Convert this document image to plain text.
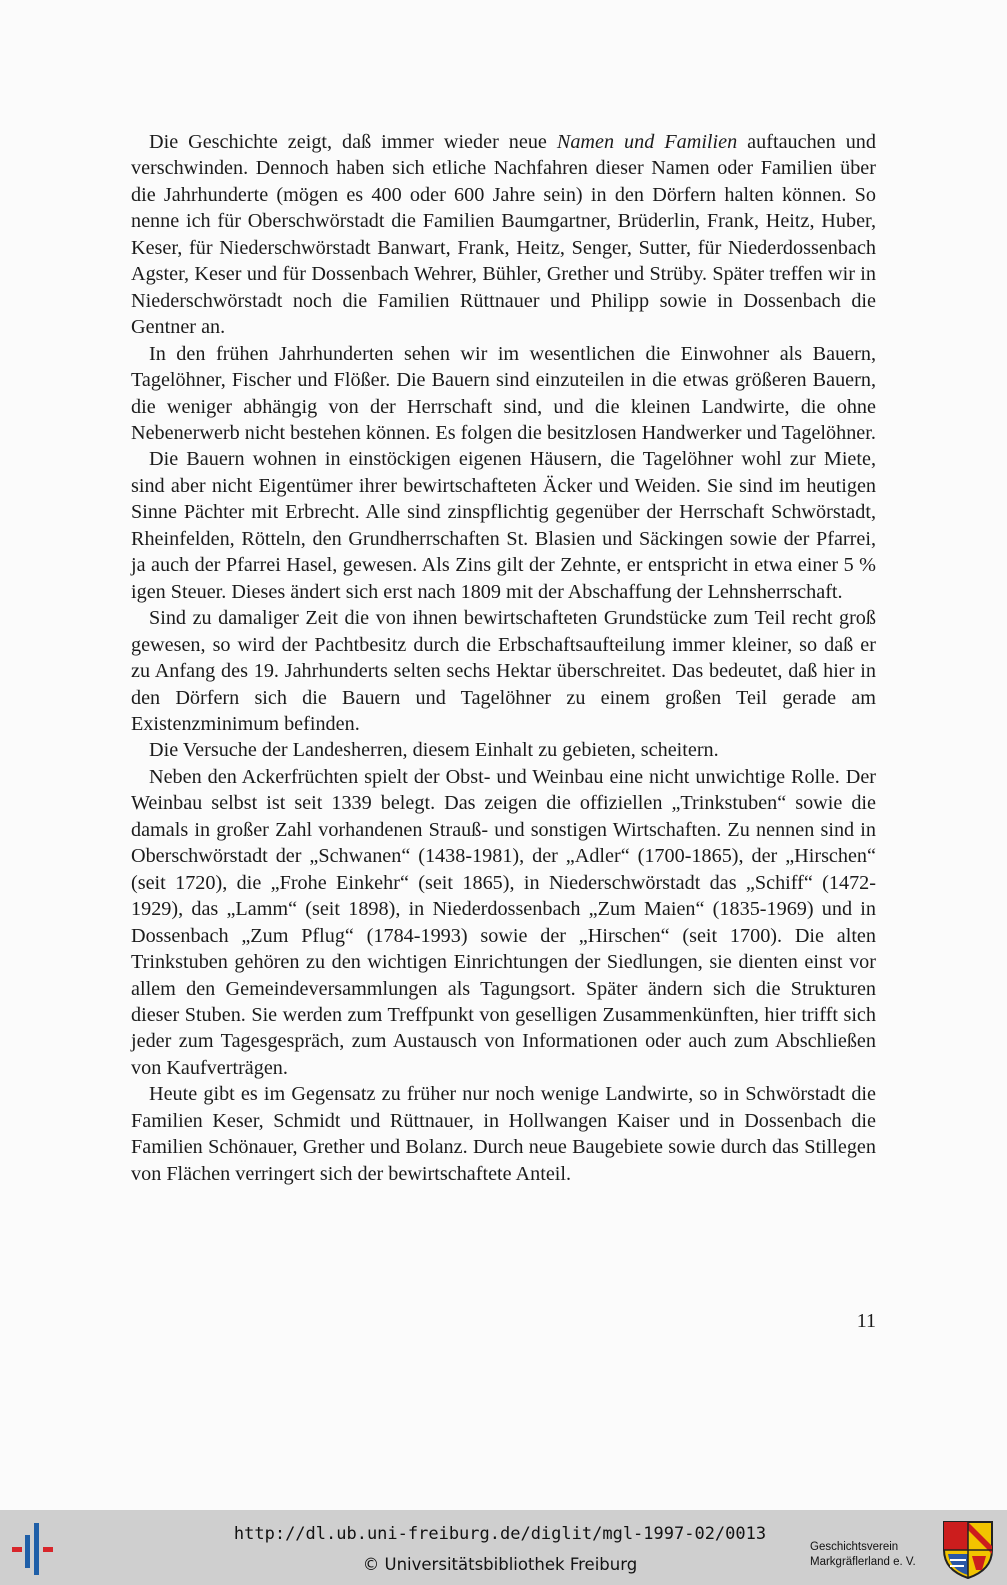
Die Geschichte zeigt, daß immer wieder neue Namen und Familien auftauchen und verschwinden. Dennoch haben sich etliche Nachfahren dieser Namen oder Familien über die Jahrhunderte (mögen es 400 oder 600 Jahre sein) in den Dörfern halten können. So nenne ich für Oberschwörstadt die Familien Baumgartner, Brüderlin, Frank, Heitz, Huber, Keser, für Niederschwörstadt Banwart, Frank, Heitz, Senger, Sutter, für Niederdossenbach Agster, Keser und für Dossenbach Wehrer, Bühler, Grether und Strüby. Später treffen wir in Niederschwörstadt noch die Familien Rüttnauer und Philipp sowie in Dossenbach die Gentner an.

In den frühen Jahrhunderten sehen wir im wesentlichen die Einwohner als Bauern, Tagelöhner, Fischer und Flößer. Die Bauern sind einzuteilen in die etwas größeren Bauern, die weniger abhängig von der Herrschaft sind, und die kleinen Landwirte, die ohne Nebenerwerb nicht bestehen können. Es folgen die besitzlosen Handwerker und Tagelöhner.

Die Bauern wohnen in einstöckigen eigenen Häusern, die Tagelöhner wohl zur Miete, sind aber nicht Eigentümer ihrer bewirtschafteten Äcker und Weiden. Sie sind im heutigen Sinne Pächter mit Erbrecht. Alle sind zinspflichtig gegenüber der Herrschaft Schwörstadt, Rheinfelden, Rötteln, den Grundherrschaften St. Blasien und Säckingen sowie der Pfarrei, ja auch der Pfarrei Hasel, gewesen. Als Zins gilt der Zehnte, er entspricht in etwa einer 5 % igen Steuer. Dieses ändert sich erst nach 1809 mit der Abschaffung der Lehnsherrschaft.

Sind zu damaliger Zeit die von ihnen bewirtschafteten Grundstücke zum Teil recht groß gewesen, so wird der Pachtbesitz durch die Erbschaftsaufteilung immer kleiner, so daß er zu Anfang des 19. Jahrhunderts selten sechs Hektar überschreitet. Das bedeutet, daß hier in den Dörfern sich die Bauern und Tagelöhner zu einem großen Teil gerade am Existenzminimum befinden.

Die Versuche der Landesherren, diesem Einhalt zu gebieten, scheitern.

Neben den Ackerfrüchten spielt der Obst- und Weinbau eine nicht unwichtige Rolle. Der Weinbau selbst ist seit 1339 belegt. Das zeigen die offiziellen „Trinkstuben“ sowie die damals in großer Zahl vorhandenen Strauß- und sonstigen Wirtschaften. Zu nennen sind in Oberschwörstadt der „Schwanen“ (1438-1981), der „Adler“ (1700-1865), der „Hirschen“ (seit 1720), die „Frohe Einkehr“ (seit 1865), in Niederschwörstadt das „Schiff“ (1472-1929), das „Lamm“ (seit 1898), in Niederdossenbach „Zum Maien“ (1835-1969) und in Dossenbach „Zum Pflug“ (1784-1993) sowie der „Hirschen“ (seit 1700). Die alten Trinkstuben gehören zu den wichtigen Einrichtungen der Siedlungen, sie dienten einst vor allem den Gemeindeversammlungen als Tagungsort. Später ändern sich die Strukturen dieser Stuben. Sie werden zum Treffpunkt von geselligen Zusammenkünften, hier trifft sich jeder zum Tagesgespräch, zum Austausch von Informationen oder auch zum Abschließen von Kaufverträgen.

Heute gibt es im Gegensatz zu früher nur noch wenige Landwirte, so in Schwörstadt die Familien Keser, Schmidt und Rüttnauer, in Hollwangen Kaiser und in Dossenbach die Familien Schönauer, Grether und Bolanz. Durch neue Baugebiete sowie durch das Stillegen von Flächen verringert sich der bewirtschaftete Anteil.

11
http://dl.ub.uni-freiburg.de/diglit/mgl-1997-02/0013
© Universitätsbibliothek Freiburg
Geschichtsverein
Markgräflerland e. V.
